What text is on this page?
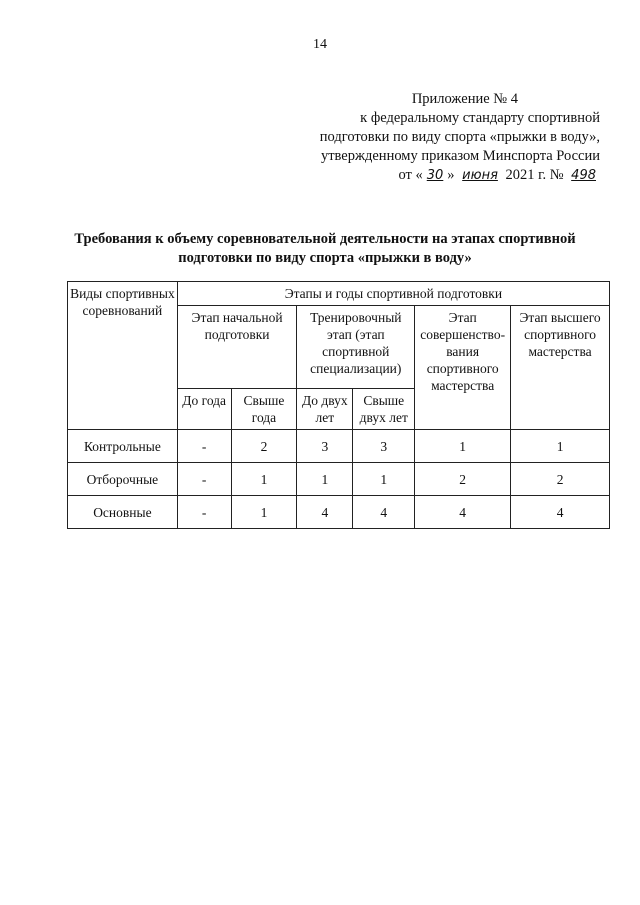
14
Приложение № 4
к федеральному стандарту спортивной
подготовки по виду спорта «прыжки в воду»,
утвержденному приказом Минспорта России
от « 30 » июня 2021 г. № 498
Требования к объему соревновательной деятельности на этапах спортивной подготовки по виду спорта «прыжки в воду»
Виды спортивных соревнований	Этапы и годы спортивной подготовки					
	Этап начальной подготовки		Тренировочный этап (этап спортивной специализации)		Этап совершенство-вания спортивного мастерства	Этап высшего спортивного мастерства
	До года	Свыше года	До двух лет	Свыше двух лет		
Контрольные	-	2	3	3	1	1
Отборочные	-	1	1	1	2	2
Основные	-	1	4	4	4	4
